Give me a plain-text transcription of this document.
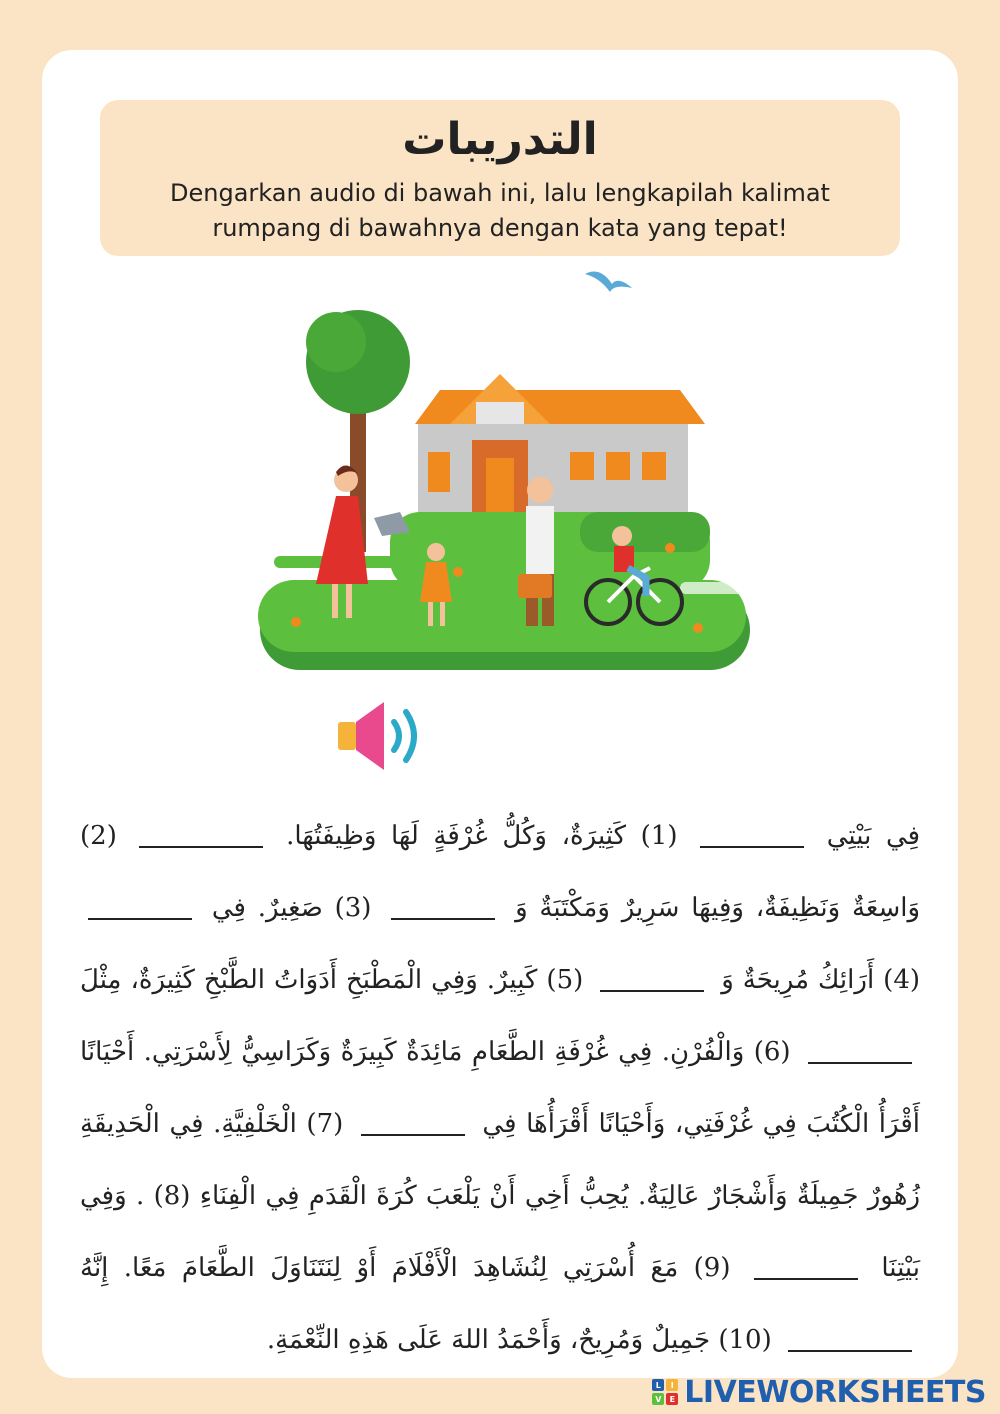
التدريبات
Dengarkan audio di bawah ini, lalu lengkapilah kalimat
rumpang di bawahnya dengan kata yang tepat!
فِي بَيْتِي  (1) كَثِيرَةٌ، وَكُلُّ غُرْفَةٍ لَهَا وَظِيفَتُهَا.  (2) وَاسِعَةٌ وَنَظِيفَةٌ، وَفِيهَا سَرِيرٌ وَمَكْتَبَةٌ وَ  (3) صَغِيرٌ. فِي  (4) أَرَائِكُ مُرِيحَةٌ وَ  (5) كَبِيرٌ. وَفِي الْمَطْبَخِ أَدَوَاتُ الطَّبْخِ كَثِيرَةٌ، مِثْلَ  (6) وَالْفُرْنِ. فِي غُرْفَةِ الطَّعَامِ مَائِدَةٌ كَبِيرَةٌ وَكَرَاسِيُّ لِأَسْرَتِي. أَحْيَانًا أَقْرَأُ الْكُتُبَ فِي غُرْفَتِي، وَأَحْيَانًا أَقْرَأُهَا فِي  (7) الْخَلْفِيَّةِ. فِي الْحَدِيقَةِ زُهُورٌ جَمِيلَةٌ وَأَشْجَارٌ عَالِيَةٌ. يُحِبُّ أَخِي أَنْ يَلْعَبَ كُرَةَ الْقَدَمِ فِي الْفِنَاءِ (8) . وَفِي بَيْتِنَا  (9) مَعَ أُسْرَتِي لِنُشَاهِدَ الْأَفْلَامَ أَوْ لِنَتَنَاوَلَ الطَّعَامَ مَعًا. إِنَّهُ  (10) جَمِيلٌ وَمُرِيحٌ، وَأَحْمَدُ اللهَ عَلَى هَذِهِ النِّعْمَةِ.
L	I
V	E LIVEWORKSHEETS
